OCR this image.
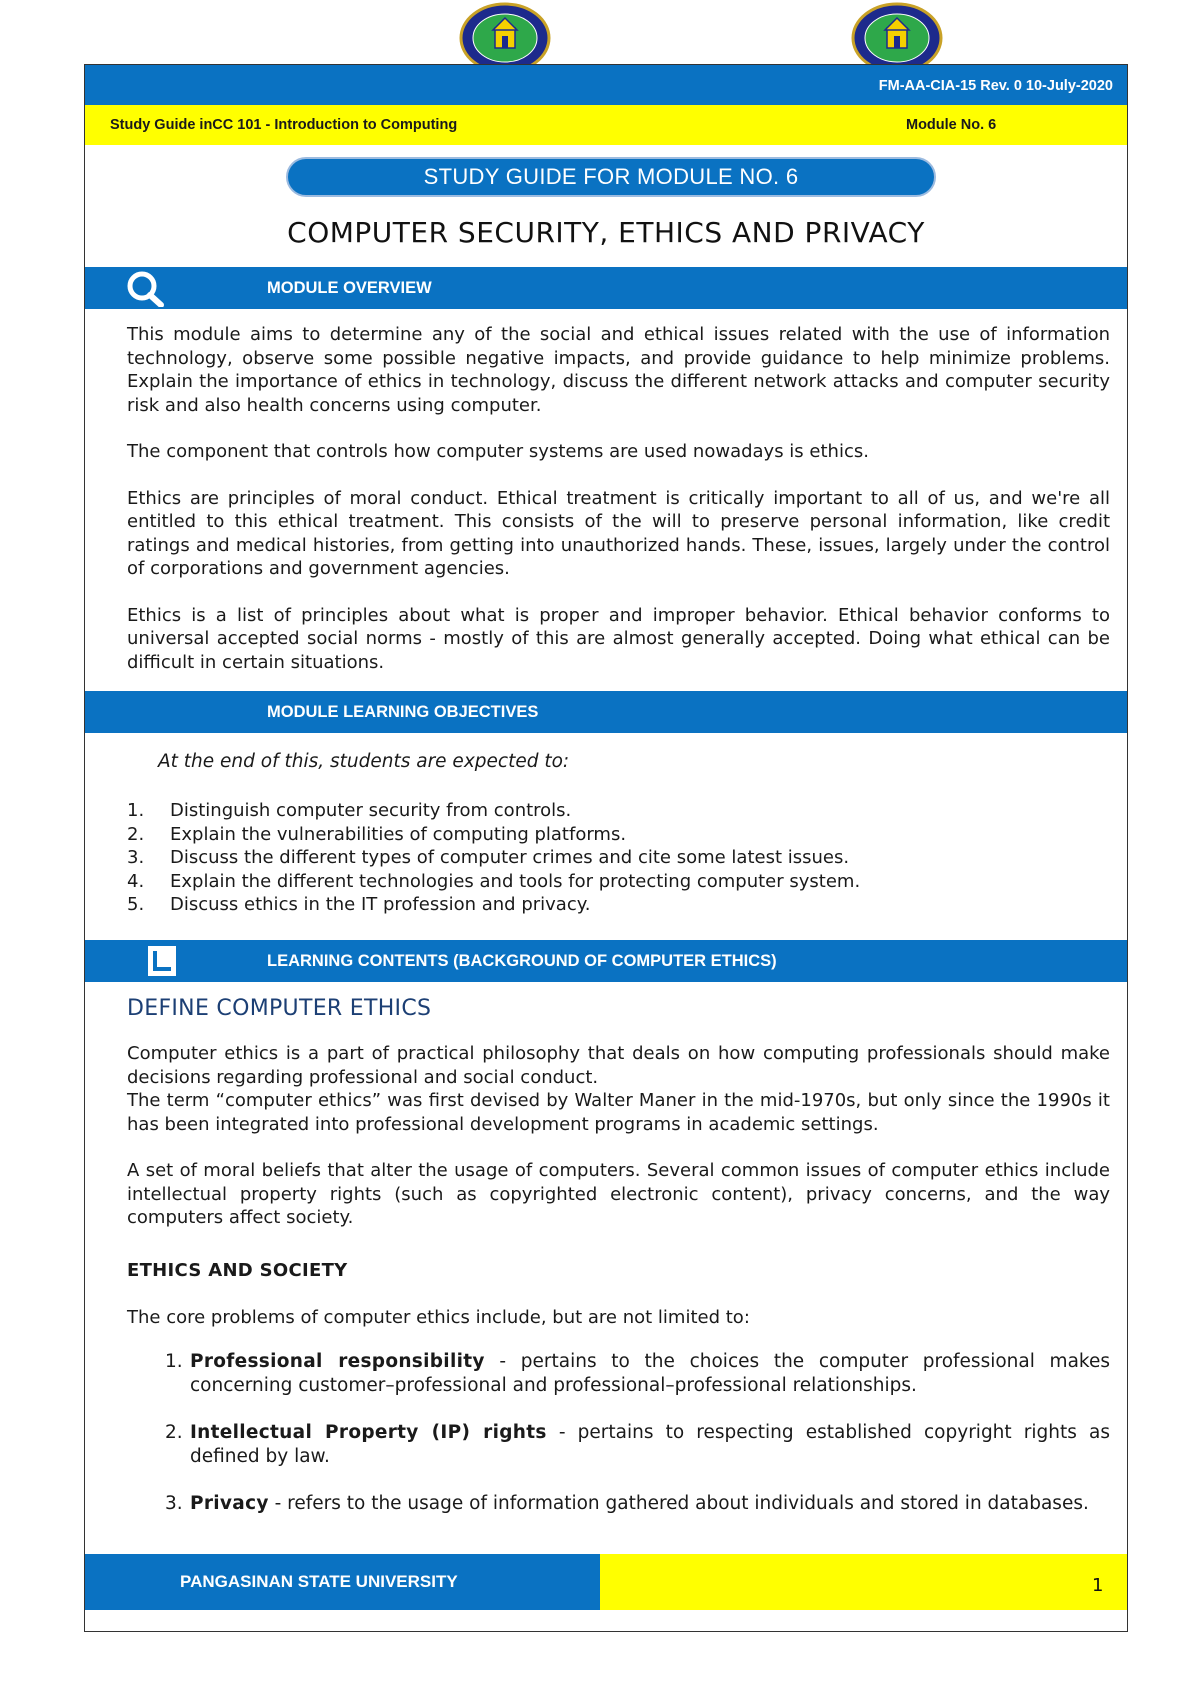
FM-AA-CIA-15 Rev. 0 10-July-2020
Study Guide inCC 101 - Introduction to Computing	Module No. 6
STUDY GUIDE FOR MODULE NO. 6
COMPUTER SECURITY, ETHICS AND PRIVACY
MODULE OVERVIEW

This module aims to determine any of the social and ethical issues related with the use of information technology, observe some possible negative impacts, and provide guidance to help minimize problems. Explain the importance of ethics in technology, discuss the different network attacks and computer security risk and also health concerns using computer.

The component that controls how computer systems are used nowadays is ethics.

Ethics are principles of moral conduct. Ethical treatment is critically important to all of us, and we're all entitled to this ethical treatment. This consists of the will to preserve personal information, like credit ratings and medical histories, from getting into unauthorized hands. These, issues, largely under the control of corporations and government agencies.

Ethics is a list of principles about what is proper and improper behavior. Ethical behavior conforms to universal accepted social norms - mostly of this are almost generally accepted. Doing what ethical can be difficult in certain situations.

MODULE LEARNING OBJECTIVES
At the end of this, students are expected to:
1. Distinguish computer security from controls.
2. Explain the vulnerabilities of computing platforms.
3. Discuss the different types of computer crimes and cite some latest issues.
4. Explain the different technologies and tools for protecting computer system.
5. Discuss ethics in the IT profession and privacy.
LEARNING CONTENTS (BACKGROUND OF COMPUTER ETHICS)
DEFINE COMPUTER ETHICS

Computer ethics is a part of practical philosophy that deals on how computing professionals should make decisions regarding professional and social conduct.

The term “computer ethics” was first devised by Walter Maner in the mid-1970s, but only since the 1990s it has been integrated into professional development programs in academic settings.

A set of moral beliefs that alter the usage of computers. Several common issues of computer ethics include intellectual property rights (such as copyrighted electronic content), privacy concerns, and the way computers affect society.

ETHICS AND SOCIETY
The core problems of computer ethics include, but are not limited to:
1. Professional responsibility - pertains to the choices the computer professional makes concerning customer–professional and professional–professional relationships.
2. Intellectual Property (IP) rights - pertains to respecting established copyright rights as defined by law.
3. Privacy - refers to the usage of information gathered about individuals and stored in databases.
PANGASINAN STATE UNIVERSITY	1
